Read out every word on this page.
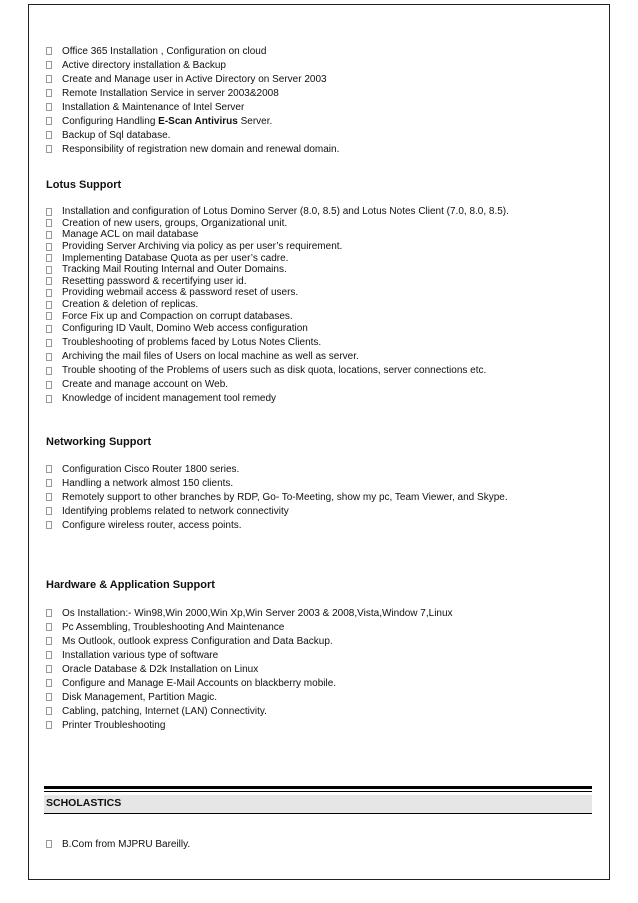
Office 365 Installation , Configuration on cloud
Active directory installation & Backup
Create and Manage user in Active Directory on Server 2003
Remote Installation Service in server 2003&2008
Installation & Maintenance of Intel Server
Configuring Handling E-Scan Antivirus Server.
Backup of Sql database.
Responsibility of registration new domain and renewal domain.
Lotus Support
Installation and configuration of Lotus Domino Server (8.0, 8.5) and Lotus Notes Client (7.0, 8.0, 8.5).
Creation of new users, groups, Organizational unit.
Manage ACL on mail database
Providing Server Archiving via policy as per user’s requirement.
Implementing Database Quota as per user’s cadre.
Tracking Mail Routing Internal and Outer Domains.
Resetting password & recertifying user id.
Providing webmail access & password reset of users.
Creation & deletion of replicas.
Force Fix up and Compaction on corrupt databases.
Configuring ID Vault, Domino Web access configuration
Troubleshooting of problems faced by Lotus Notes Clients.
Archiving the mail files of Users on local machine as well as server.
Trouble shooting of the Problems of users such as disk quota, locations, server connections etc.
Create and manage account on Web.
Knowledge of incident management tool remedy
Networking Support
Configuration Cisco Router 1800 series.
Handling a network almost 150 clients.
Remotely support to other branches by RDP, Go- To-Meeting, show my pc, Team Viewer, and Skype.
Identifying problems related to network connectivity
Configure wireless router, access points.
Hardware & Application Support
Os Installation:- Win98,Win 2000,Win Xp,Win Server 2003 & 2008,Vista,Window 7,Linux
Pc Assembling, Troubleshooting And Maintenance
Ms Outlook, outlook express Configuration and Data Backup.
Installation various type of software
Oracle Database & D2k Installation on Linux
Configure and Manage E-Mail Accounts on blackberry mobile.
Disk Management, Partition Magic.
Cabling, patching, Internet (LAN) Connectivity.
Printer Troubleshooting
SCHOLASTICS
B.Com from MJPRU Bareilly.
